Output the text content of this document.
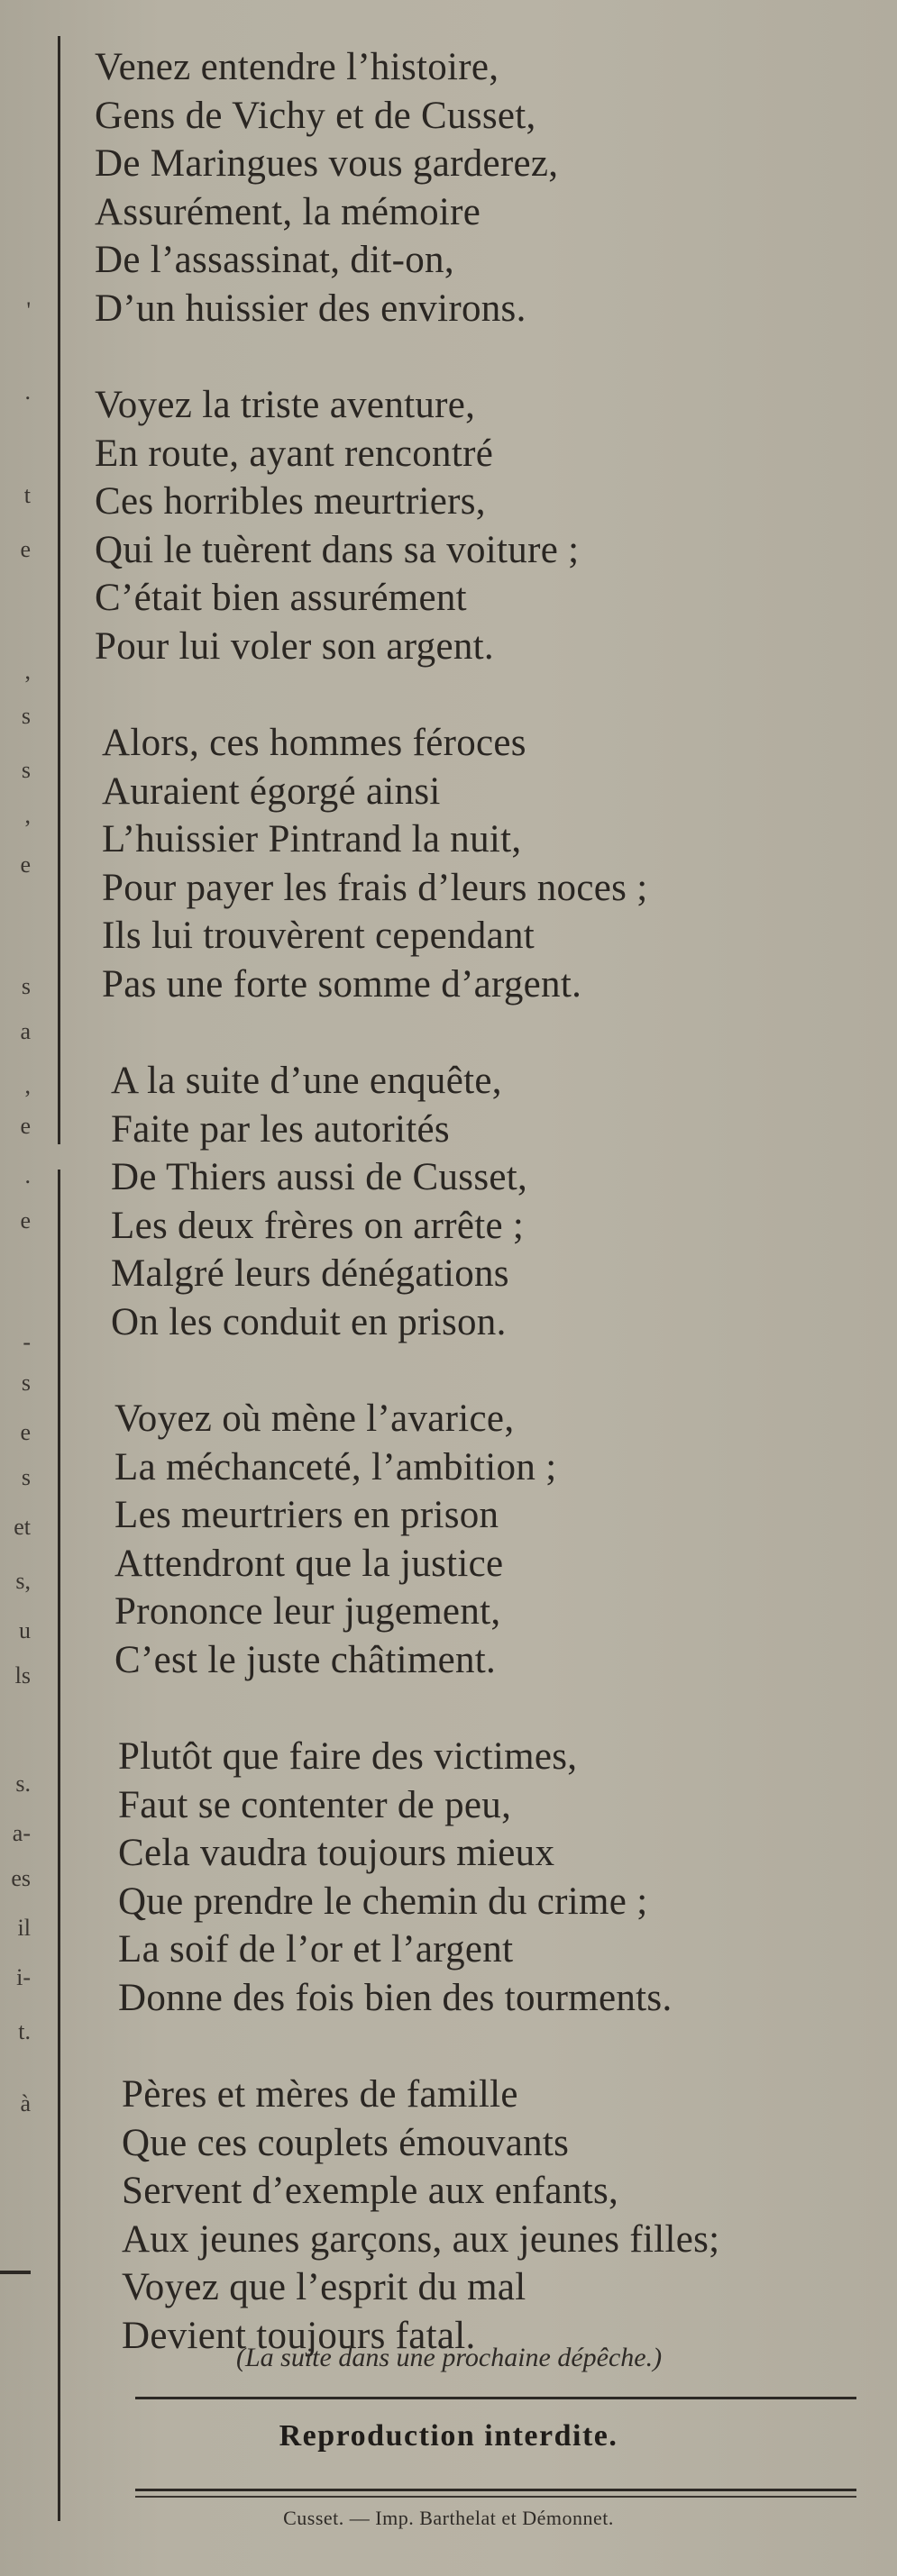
'
.
t
e
,
s
s
,
e
s
a
,
e
.
e
-
s
e
s
et
s,
u
ls
s.
a-
es
il
i-
t.
à
Venez entendre l’histoire,
Gens de Vichy et de Cusset,
De Maringues vous garderez,
Assurément, la mémoire
De l’assassinat, dit-on,
D’un huissier des environs.
Voyez la triste aventure,
En route, ayant rencontré
Ces horribles meurtriers,
Qui le tuèrent dans sa voiture ;
C’était bien assurément
Pour lui voler son argent.
Alors, ces hommes féroces
Auraient égorgé ainsi
L’huissier Pintrand la nuit,
Pour payer les frais d’leurs noces ;
Ils lui trouvèrent cependant
Pas une forte somme d’argent.
A la suite d’une enquête,
Faite par les autorités
De Thiers aussi de Cusset,
Les deux frères on arrête ;
Malgré leurs dénégations
On les conduit en prison.
Voyez où mène l’avarice,
La méchanceté, l’ambition ;
Les meurtriers en prison
Attendront que la justice
Prononce leur jugement,
C’est le juste châtiment.
Plutôt que faire des victimes,
Faut se contenter de peu,
Cela vaudra toujours mieux
Que prendre le chemin du crime ;
La soif de l’or et l’argent
Donne des fois bien des tourments.
Pères et mères de famille
Que ces couplets émouvants
Servent d’exemple aux enfants,
Aux jeunes garçons, aux jeunes filles;
Voyez que l’esprit du mal
Devient toujours fatal.
(La suite dans une prochaine dépêche.)
Reproduction interdite.
Cusset. — Imp. Barthelat et Démonnet.
